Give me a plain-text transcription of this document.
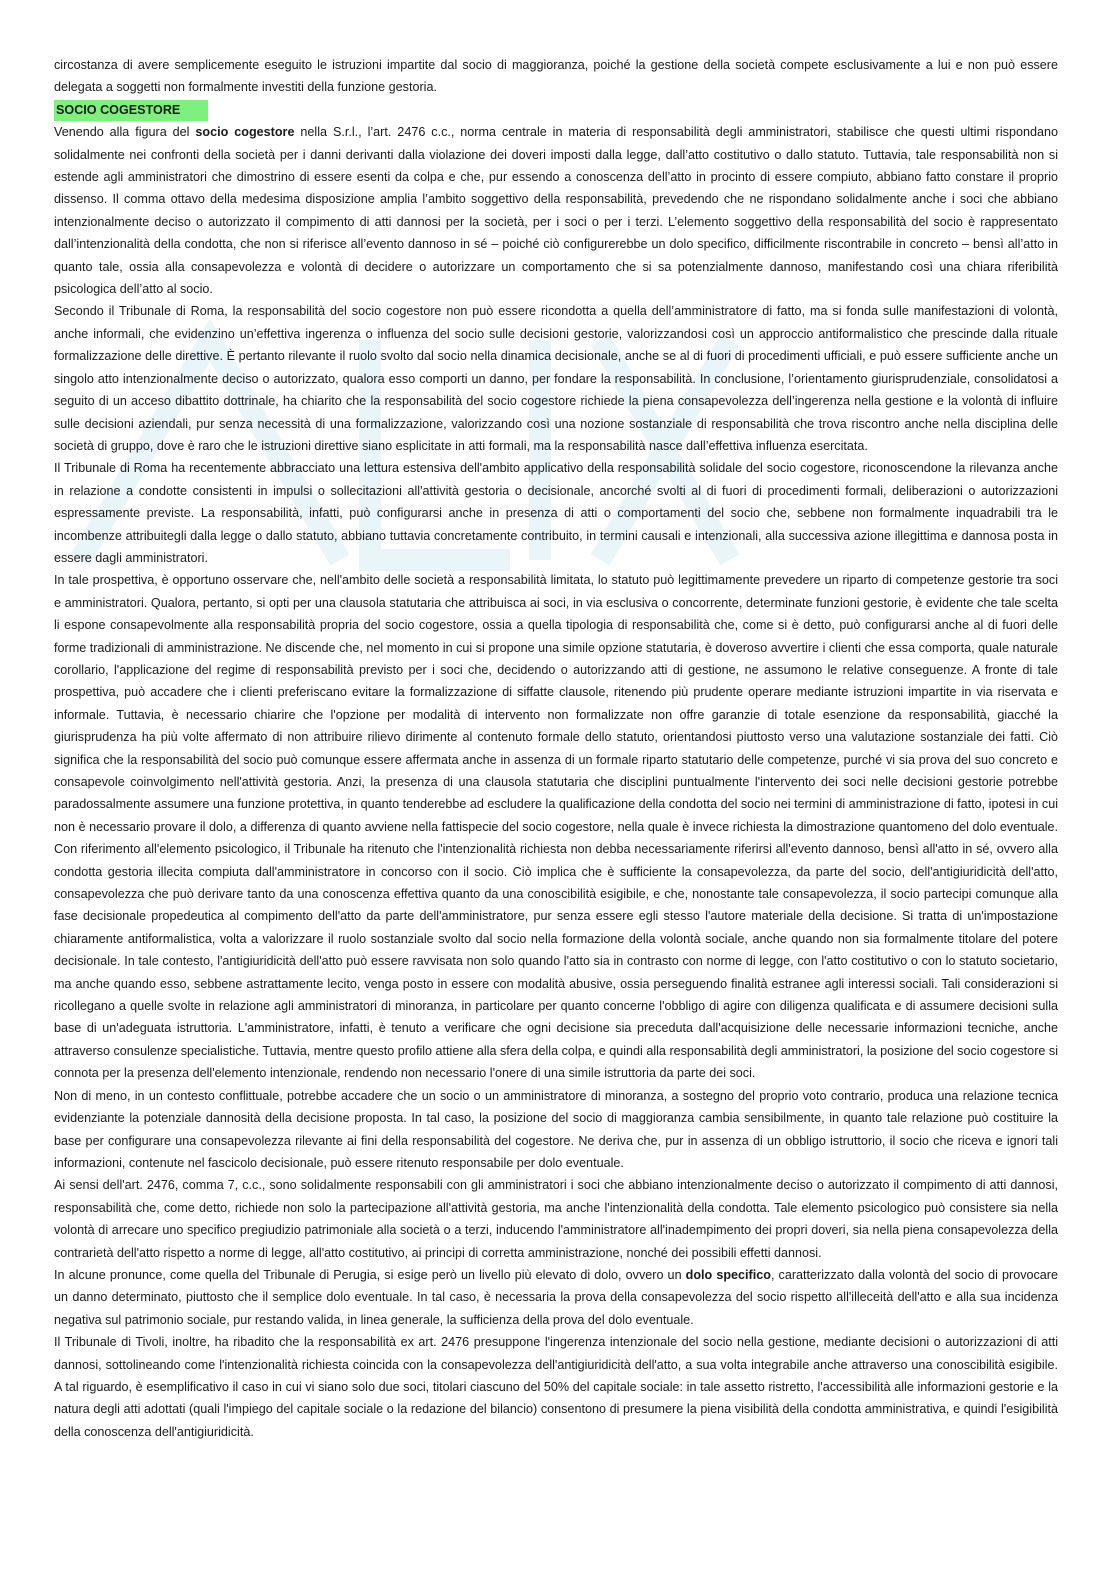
circostanza di avere semplicemente eseguito le istruzioni impartite dal socio di maggioranza, poiché la gestione della società compete esclusivamente a lui e non può essere delegata a soggetti non formalmente investiti della funzione gestoria.

SOCIO COGESTORE

Venendo alla figura del socio cogestore nella S.r.l., l’art. 2476 c.c., norma centrale in materia di responsabilità degli amministratori, stabilisce che questi ultimi rispondano solidalmente nei confronti della società per i danni derivanti dalla violazione dei doveri imposti dalla legge, dall’atto costitutivo o dallo statuto. Tuttavia, tale responsabilità non si estende agli amministratori che dimostrino di essere esenti da colpa e che, pur essendo a conoscenza dell’atto in procinto di essere compiuto, abbiano fatto constare il proprio dissenso. Il comma ottavo della medesima disposizione amplia l’ambito soggettivo della responsabilità, prevedendo che ne rispondano solidalmente anche i soci che abbiano intenzionalmente deciso o autorizzato il compimento di atti dannosi per la società, per i soci o per i terzi. L’elemento soggettivo della responsabilità del socio è rappresentato dall’intenzionalità della condotta, che non si riferisce all’evento dannoso in sé – poiché ciò configurerebbe un dolo specifico, difficilmente riscontrabile in concreto – bensì all’atto in quanto tale, ossia alla consapevolezza e volontà di decidere o autorizzare un comportamento che si sa potenzialmente dannoso, manifestando così una chiara riferibilità psicologica dell’atto al socio.

Secondo il Tribunale di Roma, la responsabilità del socio cogestore non può essere ricondotta a quella dell’amministratore di fatto, ma si fonda sulle manifestazioni di volontà, anche informali, che evidenzino un’effettiva ingerenza o influenza del socio sulle decisioni gestorie, valorizzandosi così un approccio antiformalistico che prescinde dalla rituale formalizzazione delle direttive. È pertanto rilevante il ruolo svolto dal socio nella dinamica decisionale, anche se al di fuori di procedimenti ufficiali, e può essere sufficiente anche un singolo atto intenzionalmente deciso o autorizzato, qualora esso comporti un danno, per fondare la responsabilità. In conclusione, l’orientamento giurisprudenziale, consolidatosi a seguito di un acceso dibattito dottrinale, ha chiarito che la responsabilità del socio cogestore richiede la piena consapevolezza dell’ingerenza nella gestione e la volontà di influire sulle decisioni aziendali, pur senza necessità di una formalizzazione, valorizzando così una nozione sostanziale di responsabilità che trova riscontro anche nella disciplina delle società di gruppo, dove è raro che le istruzioni direttive siano esplicitate in atti formali, ma la responsabilità nasce dall’effettiva influenza esercitata.

Il Tribunale di Roma ha recentemente abbracciato una lettura estensiva dell'ambito applicativo della responsabilità solidale del socio cogestore, riconoscendone la rilevanza anche in relazione a condotte consistenti in impulsi o sollecitazioni all'attività gestoria o decisionale, ancorché svolti al di fuori di procedimenti formali, deliberazioni o autorizzazioni espressamente previste. La responsabilità, infatti, può configurarsi anche in presenza di atti o comportamenti del socio che, sebbene non formalmente inquadrabili tra le incombenze attribuitegli dalla legge o dallo statuto, abbiano tuttavia concretamente contribuito, in termini causali e intenzionali, alla successiva azione illegittima e dannosa posta in essere dagli amministratori.

In tale prospettiva, è opportuno osservare che, nell'ambito delle società a responsabilità limitata, lo statuto può legittimamente prevedere un riparto di competenze gestorie tra soci e amministratori. Qualora, pertanto, si opti per una clausola statutaria che attribuisca ai soci, in via esclusiva o concorrente, determinate funzioni gestorie, è evidente che tale scelta li espone consapevolmente alla responsabilità propria del socio cogestore, ossia a quella tipologia di responsabilità che, come si è detto, può configurarsi anche al di fuori delle forme tradizionali di amministrazione. Ne discende che, nel momento in cui si propone una simile opzione statutaria, è doveroso avvertire i clienti che essa comporta, quale naturale corollario, l'applicazione del regime di responsabilità previsto per i soci che, decidendo o autorizzando atti di gestione, ne assumono le relative conseguenze. A fronte di tale prospettiva, può accadere che i clienti preferiscano evitare la formalizzazione di siffatte clausole, ritenendo più prudente operare mediante istruzioni impartite in via riservata e informale. Tuttavia, è necessario chiarire che l'opzione per modalità di intervento non formalizzate non offre garanzie di totale esenzione da responsabilità, giacché la giurisprudenza ha più volte affermato di non attribuire rilievo dirimente al contenuto formale dello statuto, orientandosi piuttosto verso una valutazione sostanziale dei fatti. Ciò significa che la responsabilità del socio può comunque essere affermata anche in assenza di un formale riparto statutario delle competenze, purché vi sia prova del suo concreto e consapevole coinvolgimento nell'attività gestoria. Anzi, la presenza di una clausola statutaria che disciplini puntualmente l'intervento dei soci nelle decisioni gestorie potrebbe paradossalmente assumere una funzione protettiva, in quanto tenderebbe ad escludere la qualificazione della condotta del socio nei termini di amministrazione di fatto, ipotesi in cui non è necessario provare il dolo, a differenza di quanto avviene nella fattispecie del socio cogestore, nella quale è invece richiesta la dimostrazione quantomeno del dolo eventuale. Con riferimento all'elemento psicologico, il Tribunale ha ritenuto che l'intenzionalità richiesta non debba necessariamente riferirsi all'evento dannoso, bensì all'atto in sé, ovvero alla condotta gestoria illecita compiuta dall'amministratore in concorso con il socio. Ciò implica che è sufficiente la consapevolezza, da parte del socio, dell'antigiuridicità dell'atto, consapevolezza che può derivare tanto da una conoscenza effettiva quanto da una conoscibilità esigibile, e che, nonostante tale consapevolezza, il socio partecipi comunque alla fase decisionale propedeutica al compimento dell'atto da parte dell'amministratore, pur senza essere egli stesso l'autore materiale della decisione. Si tratta di un'impostazione chiaramente antiformalistica, volta a valorizzare il ruolo sostanziale svolto dal socio nella formazione della volontà sociale, anche quando non sia formalmente titolare del potere decisionale. In tale contesto, l'antigiuridicità dell'atto può essere ravvisata non solo quando l'atto sia in contrasto con norme di legge, con l'atto costitutivo o con lo statuto societario, ma anche quando esso, sebbene astrattamente lecito, venga posto in essere con modalità abusive, ossia perseguendo finalità estranee agli interessi sociali. Tali considerazioni si ricollegano a quelle svolte in relazione agli amministratori di minoranza, in particolare per quanto concerne l'obbligo di agire con diligenza qualificata e di assumere decisioni sulla base di un'adeguata istruttoria. L'amministratore, infatti, è tenuto a verificare che ogni decisione sia preceduta dall'acquisizione delle necessarie informazioni tecniche, anche attraverso consulenze specialistiche. Tuttavia, mentre questo profilo attiene alla sfera della colpa, e quindi alla responsabilità degli amministratori, la posizione del socio cogestore si connota per la presenza dell'elemento intenzionale, rendendo non necessario l'onere di una simile istruttoria da parte dei soci.

Non di meno, in un contesto conflittuale, potrebbe accadere che un socio o un amministratore di minoranza, a sostegno del proprio voto contrario, produca una relazione tecnica evidenziante la potenziale dannosità della decisione proposta. In tal caso, la posizione del socio di maggioranza cambia sensibilmente, in quanto tale relazione può costituire la base per configurare una consapevolezza rilevante ai fini della responsabilità del cogestore. Ne deriva che, pur in assenza di un obbligo istruttorio, il socio che riceva e ignori tali informazioni, contenute nel fascicolo decisionale, può essere ritenuto responsabile per dolo eventuale.

Ai sensi dell'art. 2476, comma 7, c.c., sono solidalmente responsabili con gli amministratori i soci che abbiano intenzionalmente deciso o autorizzato il compimento di atti dannosi, responsabilità che, come detto, richiede non solo la partecipazione all'attività gestoria, ma anche l'intenzionalità della condotta. Tale elemento psicologico può consistere sia nella volontà di arrecare uno specifico pregiudizio patrimoniale alla società o a terzi, inducendo l'amministratore all'inadempimento dei propri doveri, sia nella piena consapevolezza della contrarietà dell'atto rispetto a norme di legge, all'atto costitutivo, ai principi di corretta amministrazione, nonché dei possibili effetti dannosi.

In alcune pronunce, come quella del Tribunale di Perugia, si esige però un livello più elevato di dolo, ovvero un dolo specifico, caratterizzato dalla volontà del socio di provocare un danno determinato, piuttosto che il semplice dolo eventuale. In tal caso, è necessaria la prova della consapevolezza del socio rispetto all'illeceità dell'atto e alla sua incidenza negativa sul patrimonio sociale, pur restando valida, in linea generale, la sufficienza della prova del dolo eventuale.

Il Tribunale di Tivoli, inoltre, ha ribadito che la responsabilità ex art. 2476 presuppone l'ingerenza intenzionale del socio nella gestione, mediante decisioni o autorizzazioni di atti dannosi, sottolineando come l'intenzionalità richiesta coincida con la consapevolezza dell'antigiuridicità dell'atto, a sua volta integrabile anche attraverso una conoscibilità esigibile. A tal riguardo, è esemplificativo il caso in cui vi siano solo due soci, titolari ciascuno del 50% del capitale sociale: in tale assetto ristretto, l'accessibilità alle informazioni gestorie e la natura degli atti adottati (quali l'impiego del capitale sociale o la redazione del bilancio) consentono di presumere la piena visibilità della condotta amministrativa, e quindi l'esigibilità della conoscenza dell'antigiuridicità.
